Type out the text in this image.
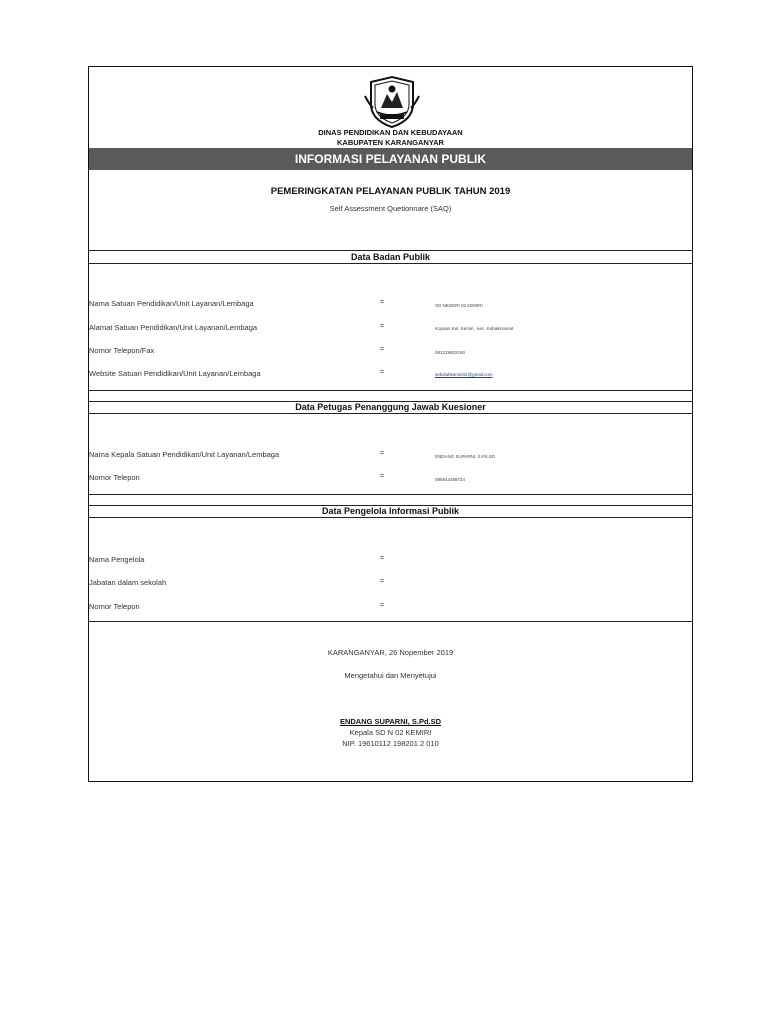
DINAS PENDIDIKAN DAN KEBUDAYAAN
KABUPATEN KARANGANYAR
INFORMASI PELAYANAN PUBLIK
PEMERINGKATAN PELAYANAN PUBLIK TAHUN 2019
Self Assessment Quetionnare (SAQ)
Data Badan Publik
Nama Satuan Pendidikan/Unit Layanan/Lembaga	=	SD NEGERI 02 KEMIRI
Alamat Satuan Pendidikan/Unit Layanan/Lembaga	=	Kopaan,Kel. Kemiri , kec. Kebakkramat
Nomor Telepon/Fax	=	081229802190
Website Satuan Pendidikan/Unit Layanan/Lembaga	=	sekolahkemiri02@gmail.com
Data Petugas Penanggung Jawab Kuesioner
Nama Kepala Satuan Pendidikan/Unit Layanan/Lembaga	=	ENDANG SUPARNI, S.Pd.SD
Nomor Telepon	=	085642488724
Data Pengelola Informasi Publik
Nama Pengelola	=
Jabatan dalam sekolah	=
Nomor Telepon	=
KARANGANYAR, 26 Nopember 2019
Mengetahui dan Menyetujui
ENDANG SUPARNI, S.Pd.SD
Kepala SD N 02 KEMIRI
NIP. 19610112 198201 2 010
